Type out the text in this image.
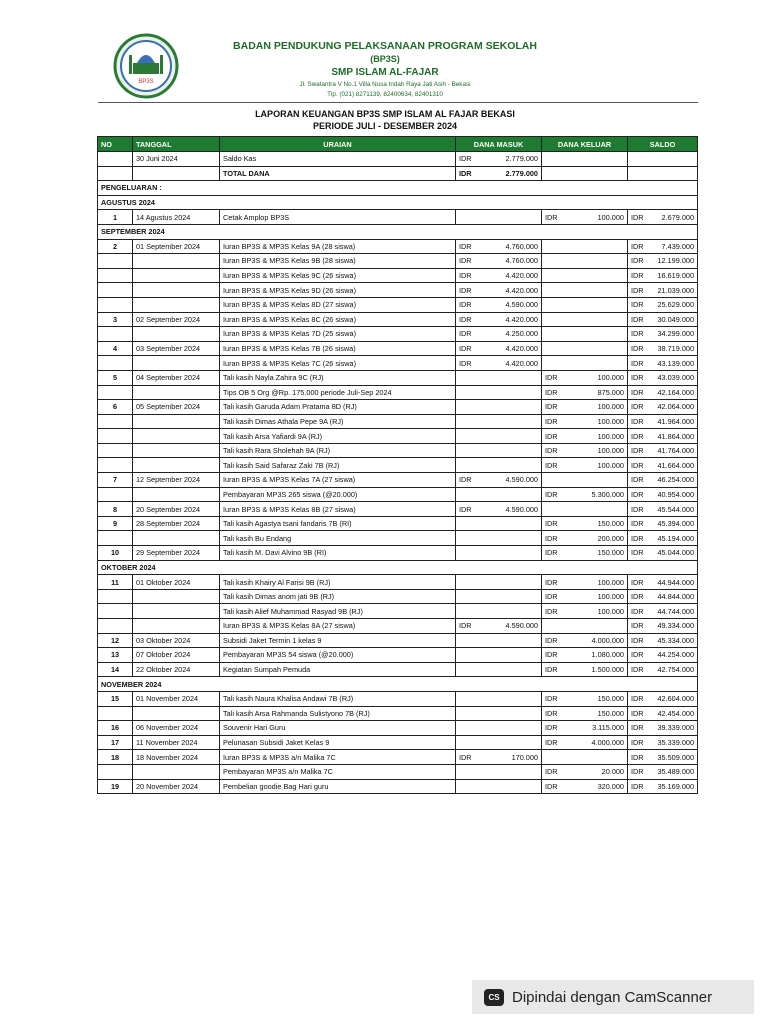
BP3S
BADAN PENDUKUNG PELAKSANAAN PROGRAM SEKOLAH
(BP3S)
SMP ISLAM AL-FAJAR
Jl. Swatantra V No.1 Villa Nusa Indah Raya Jati Asih - Bekasi
Tlp. (021) 8271139, 82400634, 82401310
LAPORAN KEUANGAN BP3S SMP ISLAM AL FAJAR BEKASI
PERIODE JULI - DESEMBER 2024
NO	TANGGAL	URAIAN	DANA MASUK		DANA KELUAR		SALDO	
	30 Juni 2024	Saldo Kas	IDR	2.779.000				
		TOTAL DANA	IDR	2.779.000				
PENGELUARAN :								
AGUSTUS 2024								
1	14 Agustus 2024	Cetak Amplop BP3S			IDR	100.000	IDR	2.679.000
SEPTEMBER 2024								
2	01 September 2024	Iuran BP3S & MP3S Kelas 9A (28 siswa)	IDR	4.760.000			IDR	7.439.000
		Iuran BP3S & MP3S Kelas 9B (28 siswa)	IDR	4.760.000			IDR	12.199.000
		Iuran BP3S & MP3S Kelas 9C (26 siswa)	IDR	4.420.000			IDR	16.619.000
		Iuran BP3S & MP3S Kelas 9D (26 siswa)	IDR	4.420.000			IDR	21.039.000
		Iuran BP3S & MP3S Kelas 8D (27 siswa)	IDR	4.590.000			IDR	25.629.000
3	02 September 2024	Iuran BP3S & MP3S Kelas 8C (26 siswa)	IDR	4.420.000			IDR	30.049.000
		Iuran BP3S & MP3S Kelas 7D (25 siswa)	IDR	4.250.000			IDR	34.299.000
4	03 September 2024	Iuran BP3S & MP3S Kelas 7B (26 siswa)	IDR	4.420.000			IDR	38.719.000
		Iuran BP3S & MP3S Kelas 7C (26 siswa)	IDR	4.420.000			IDR	43.139.000
5	04 September 2024	Tali kasih Nayla Zahira 9C (RJ)			IDR	100.000	IDR	43.039.000
		Tips OB 5 Org @Rp. 175.000 periode Juli-Sep 2024			IDR	875.000	IDR	42.164.000
6	05 September 2024	Tali kasih Garuda Adam Pratama 8D (RJ)			IDR	100.000	IDR	42.064.000
		Tali kasih Dimas Athala Pepe 9A (RJ)			IDR	100.000	IDR	41.964.000
		Tali kasih Arsa Yafiardi 9A (RJ)			IDR	100.000	IDR	41.864.000
		Tali kasih Rara Sholehah 9A (RJ)			IDR	100.000	IDR	41.764.000
		Tali kasih Said Safaraz Zaki 7B (RJ)			IDR	100.000	IDR	41.664.000
7	12 September 2024	Iuran BP3S & MP3S Kelas 7A (27 siswa)	IDR	4.590.000			IDR	46.254.000
		Pembayaran MP3S 265 siswa (@20.000)			IDR	5.300.000	IDR	40.954.000
8	20 September 2024	Iuran BP3S & MP3S Kelas 8B (27 siswa)	IDR	4.590.000			IDR	45.544.000
9	28 September 2024	Tali kasih Agastya tsani fandaris 7B (RI)			IDR	150.000	IDR	45.394.000
		Tali kasih Bu Endang			IDR	200.000	IDR	45.194.000
10	29 September 2024	Tali kasih M. Davi Alvino 9B (RI)			IDR	150.000	IDR	45.044.000
OKTOBER 2024								
11	01 Oktober 2024	Tali kasih Khairy Al Farisi 9B (RJ)			IDR	100.000	IDR	44.944.000
		Tali kasih Dimas anom jati 9B (RJ)			IDR	100.000	IDR	44.844.000
		Tali kasih Alief Muhammad Rasyad 9B (RJ)			IDR	100.000	IDR	44.744.000
		Iuran BP3S & MP3S Kelas 8A (27 siswa)	IDR	4.590.000			IDR	49.334.000
12	03 Oktober 2024	Subsidi Jaket Termin 1 kelas 9			IDR	4.000.000	IDR	45.334.000
13	07 Oktober 2024	Pembayaran MP3S 54 siswa (@20.000)			IDR	1.080.000	IDR	44.254.000
14	22 Oktober 2024	Kegiatan Sumpah Pemuda			IDR	1.500.000	IDR	42.754.000
NOVEMBER 2024								
15	01 November 2024	Tali kasih Naura Khalisa Andawi 7B (RJ)			IDR	150.000	IDR	42.604.000
		Tali kasih Arsa Rahmanda Sulistyono 7B (RJ)			IDR	150.000	IDR	42.454.000
16	06 November 2024	Souvenir Hari Guru			IDR	3.115.000	IDR	39.339.000
17	11 November 2024	Pelunasan Subsidi Jaket Kelas 9			IDR	4.000.000	IDR	35.339.000
18	18 November 2024	Iuran BP3S & MP3S a/n Malika 7C	IDR	170.000			IDR	35.509.000
		Pembayaran MP3S a/n Malika 7C			IDR	20.000	IDR	35.489.000
19	20 November 2024	Pembelian goodie Bag Hari guru			IDR	320.000	IDR	35.169.000
CS Dipindai dengan CamScanner
